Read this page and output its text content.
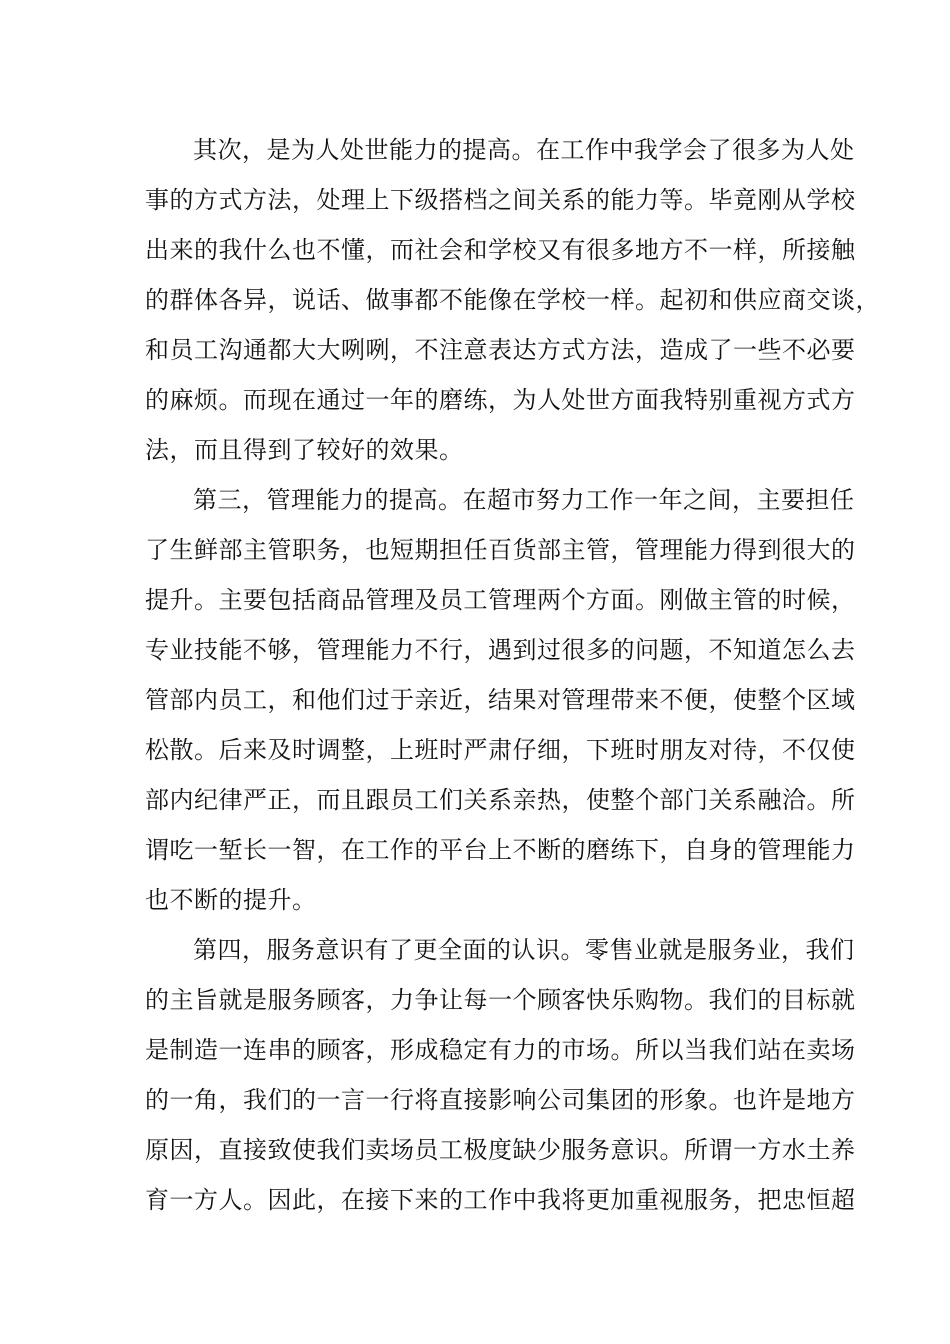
其次，是为人处世能力的提高。在工作中我学会了很多为人处
事的方式方法，处理上下级搭档之间关系的能力等。毕竟刚从学校
出来的我什么也不懂，而社会和学校又有很多地方不一样，所接触
的群体各异，说话、做事都不能像在学校一样。起初和供应商交谈，
和员工沟通都大大咧咧，不注意表达方式方法，造成了一些不必要
的麻烦。而现在通过一年的磨练，为人处世方面我特别重视方式方
法，而且得到了较好的效果。
第三，管理能力的提高。在超市努力工作一年之间，主要担任
了生鲜部主管职务，也短期担任百货部主管，管理能力得到很大的
提升。主要包括商品管理及员工管理两个方面。刚做主管的时候，
专业技能不够，管理能力不行，遇到过很多的问题，不知道怎么去
管部内员工，和他们过于亲近，结果对管理带来不便，使整个区域
松散。后来及时调整，上班时严肃仔细，下班时朋友对待，不仅使
部内纪律严正，而且跟员工们关系亲热，使整个部门关系融洽。所
谓吃一堑长一智，在工作的平台上不断的磨练下，自身的管理能力
也不断的提升。
第四，服务意识有了更全面的认识。零售业就是服务业，我们
的主旨就是服务顾客，力争让每一个顾客快乐购物。我们的目标就
是制造一连串的顾客，形成稳定有力的市场。所以当我们站在卖场
的一角，我们的一言一行将直接影响公司集团的形象。也许是地方
原因，直接致使我们卖场员工极度缺少服务意识。所谓一方水土养
育一方人。因此，在接下来的工作中我将更加重视服务，把忠恒超
